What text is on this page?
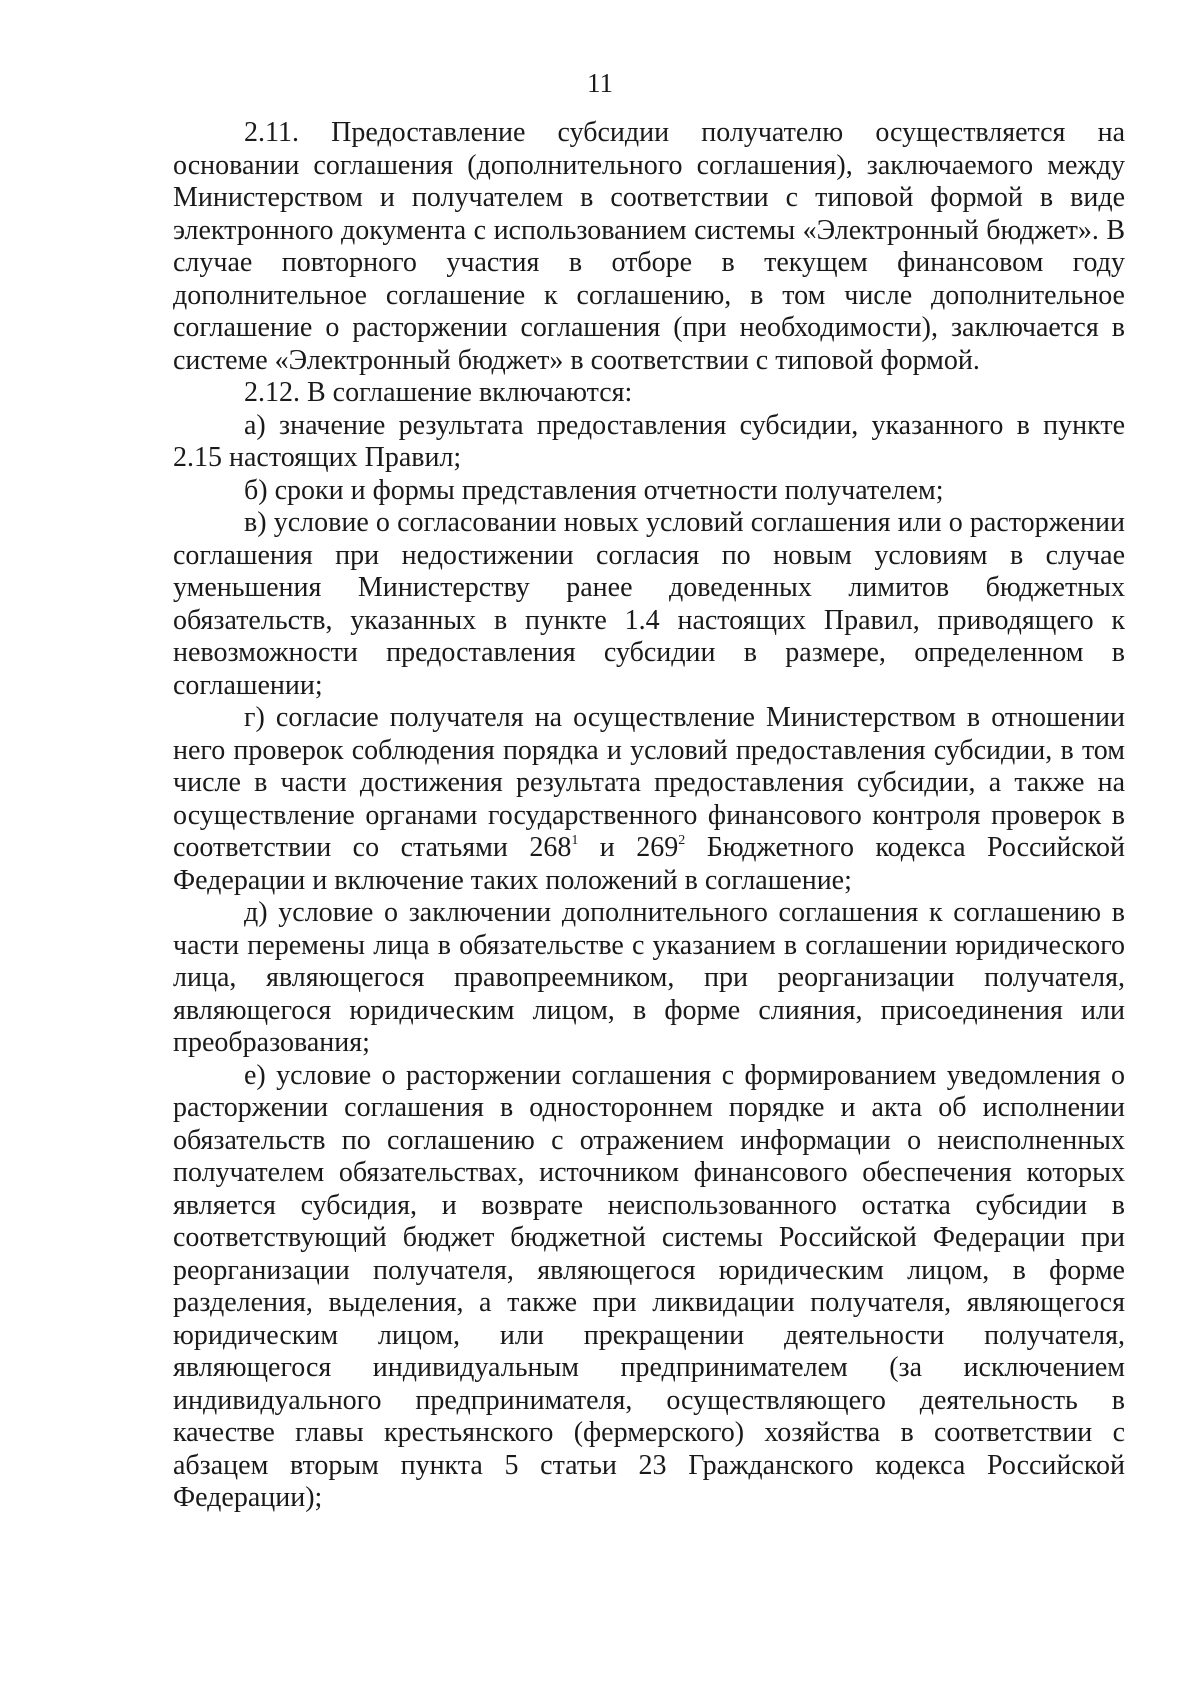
11

2.11. Предоставление субсидии получателю осуществляется на основании соглашения (дополнительного соглашения), заключаемого между Министерством и получателем в соответствии с типовой формой в виде электронного документа с использованием системы «Электронный бюджет». В случае повторного участия в отборе в текущем финансовом году дополнительное соглашение к соглашению, в том числе дополнительное соглашение о расторжении соглашения (при необходимости), заключается в системе «Электронный бюджет» в соответствии с типовой формой.

2.12. В соглашение включаются:

а) значение результата предоставления субсидии, указанного в пункте 2.15 настоящих Правил;

б) сроки и формы представления отчетности получателем;

в) условие о согласовании новых условий соглашения или о расторжении соглашения при недостижении согласия по новым условиям в случае уменьшения Министерству ранее доведенных лимитов бюджетных обязательств, указанных в пункте 1.4 настоящих Правил, приводящего к невозможности предоставления субсидии в размере, определенном в соглашении;

г) согласие получателя на осуществление Министерством в отношении него проверок соблюдения порядка и условий предоставления субсидии, в том числе в части достижения результата предоставления субсидии, а также на осуществление органами государственного финансового контроля проверок в соответствии со статьями $268^1$ и $269^2$ Бюджетного кодекса Российской Федерации и включение таких положений в соглашение;

д) условие о заключении дополнительного соглашения к соглашению в части перемены лица в обязательстве с указанием в соглашении юридического лица, являющегося правопреемником, при реорганизации получателя, являющегося юридическим лицом, в форме слияния, присоединения или преобразования;

е) условие о расторжении соглашения с формированием уведомления о расторжении соглашения в одностороннем порядке и акта об исполнении обязательств по соглашению с отражением информации о неисполненных получателем обязательствах, источником финансового обеспечения которых является субсидия, и возврате неиспользованного остатка субсидии в соответствующий бюджет бюджетной системы Российской Федерации при реорганизации получателя, являющегося юридическим лицом, в форме разделения, выделения, а также при ликвидации получателя, являющегося юридическим лицом, или прекращении деятельности получателя, являющегося индивидуальным предпринимателем (за исключением индивидуального предпринимателя, осуществляющего деятельность в качестве главы крестьянского (фермерского) хозяйства в соответствии с абзацем вторым пункта 5 статьи 23 Гражданского кодекса Российской Федерации);
